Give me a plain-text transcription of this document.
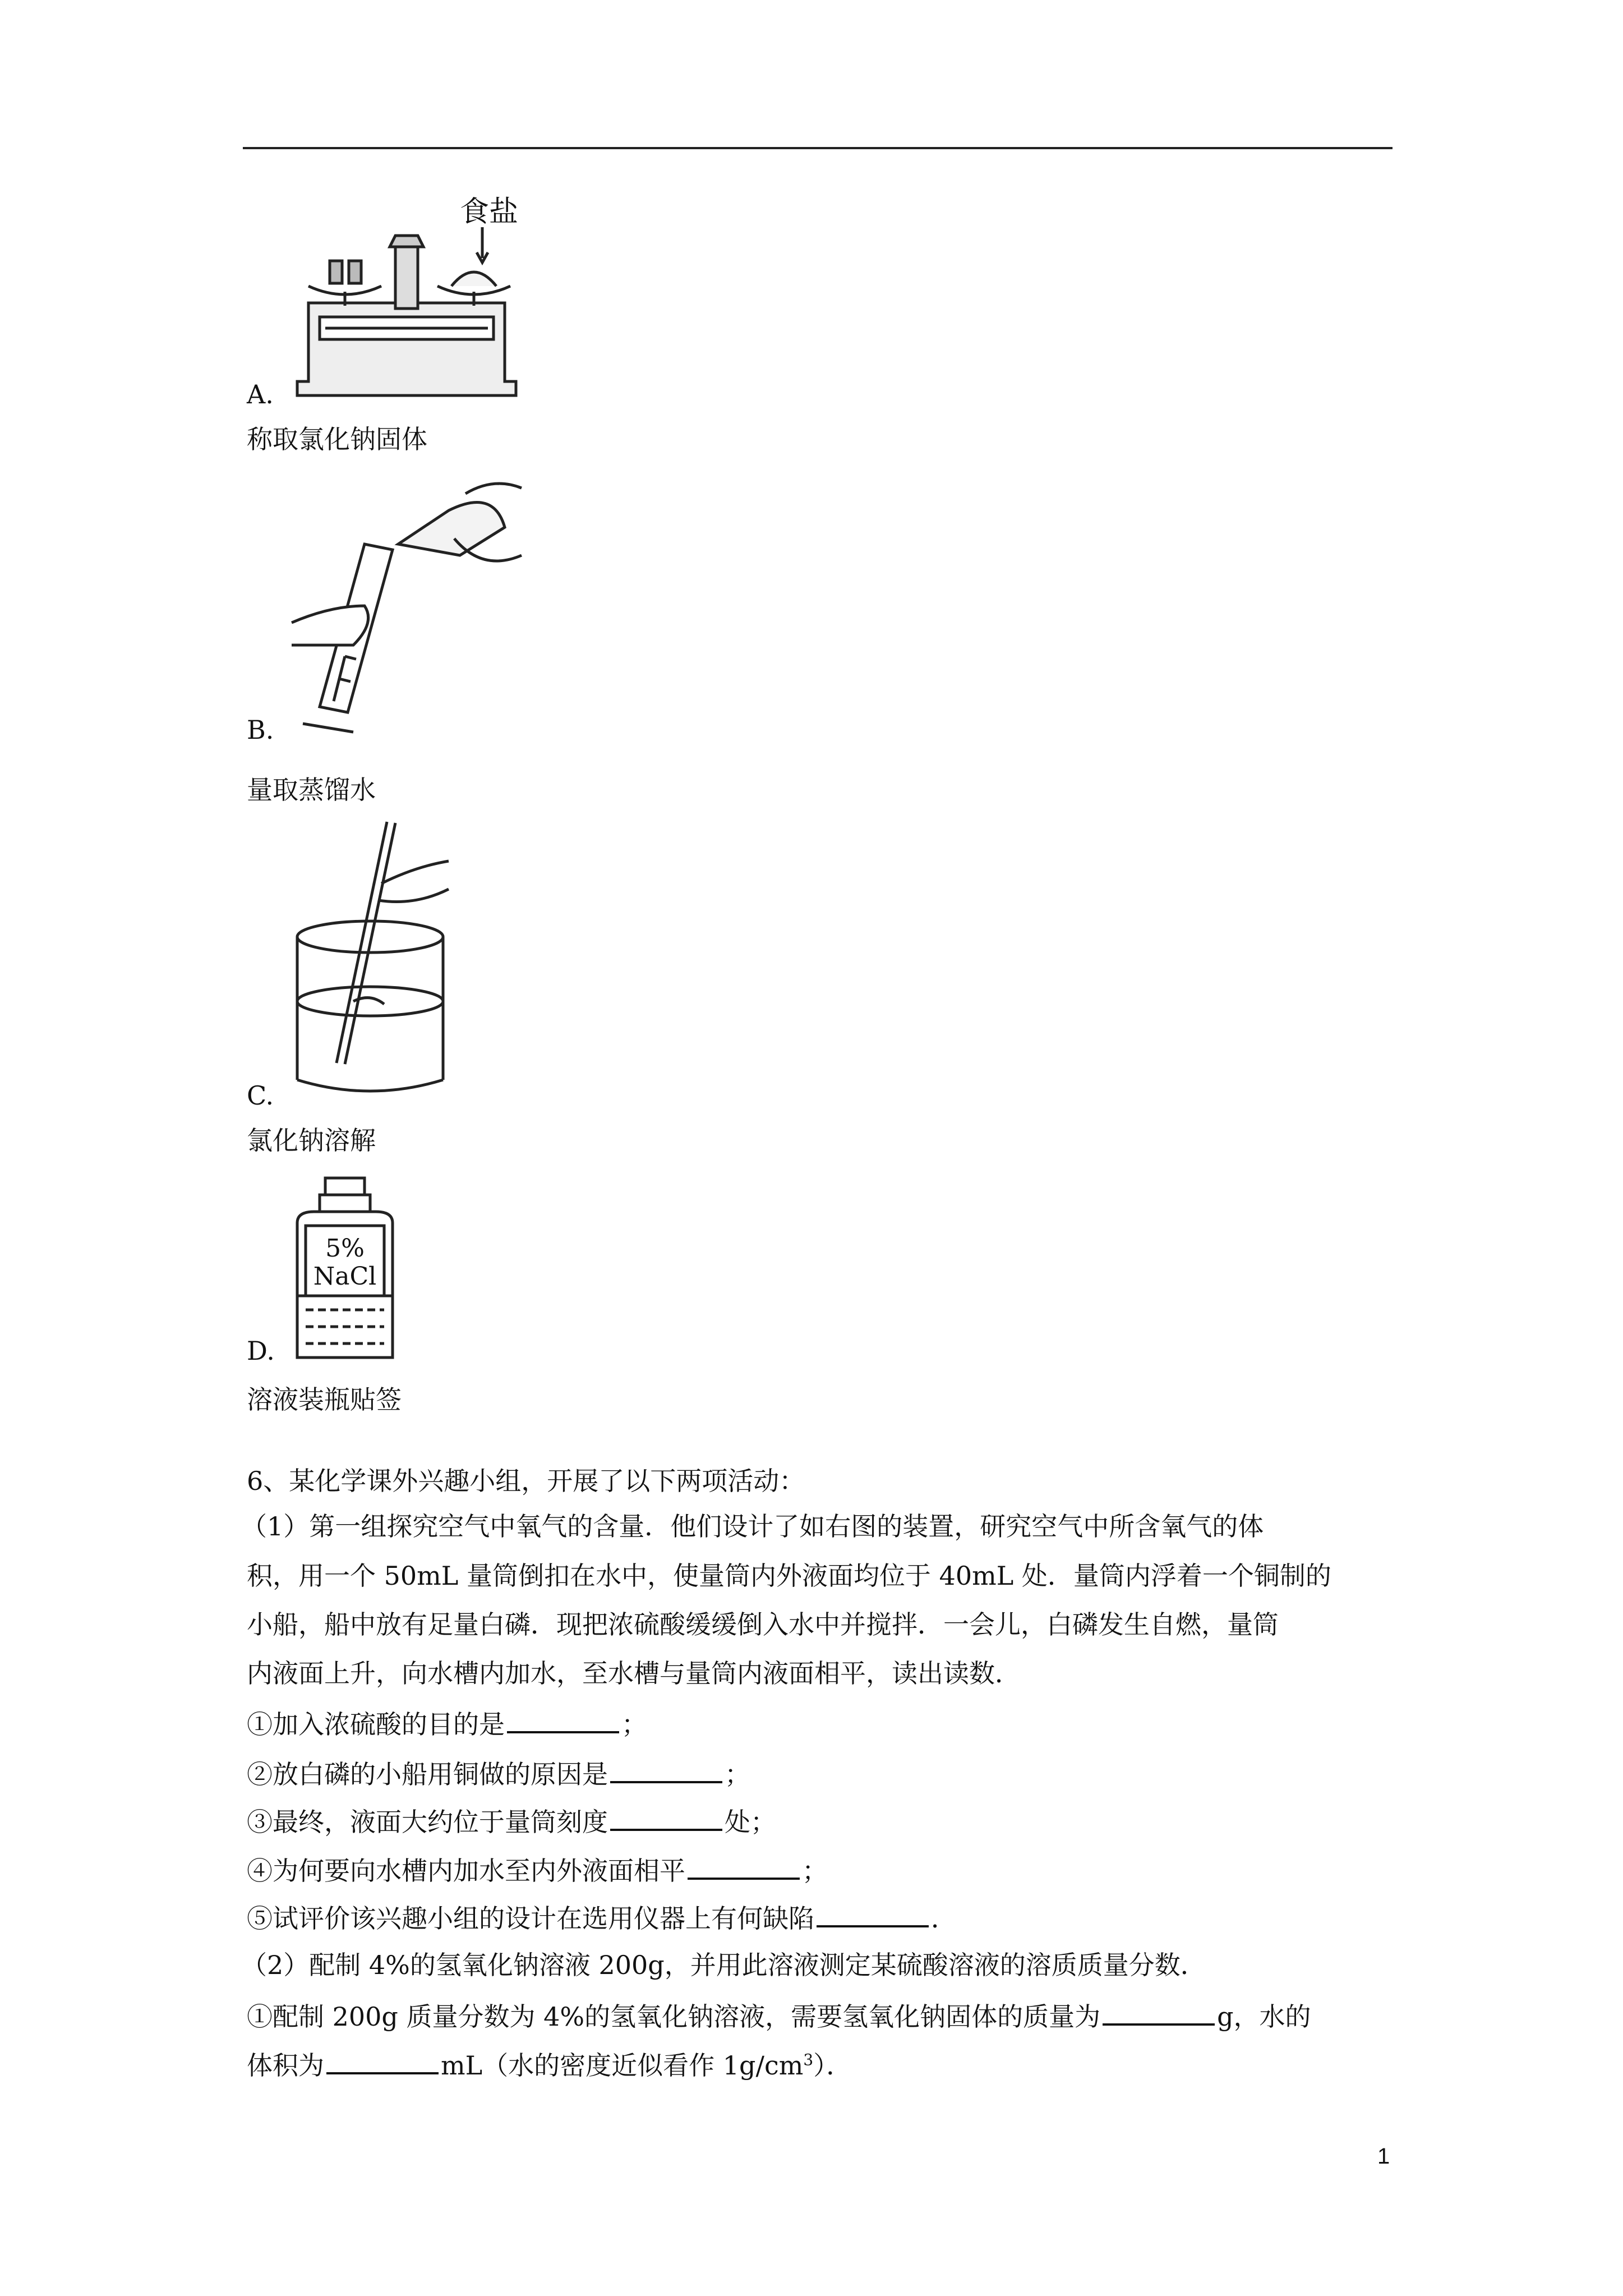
食盐
A.
称取氯化钠固体
B.
量取蒸馏水
C.
氯化钠溶解
5%
NaCl
D.
溶液装瓶贴签
6、某化学课外兴趣小组，开展了以下两项活动：
（1）第一组探究空气中氧气的含量．他们设计了如右图的装置，研究空气中所含氧气的体
积，用一个 50mL 量筒倒扣在水中，使量筒内外液面均位于 40mL 处．量筒内浮着一个铜制的
小船，船中放有足量白磷．现把浓硫酸缓缓倒入水中并搅拌．一会儿，白磷发生自燃，量筒
内液面上升，向水槽内加水，至水槽与量筒内液面相平，读出读数．
①加入浓硫酸的目的是	；
②放白磷的小船用铜做的原因是	；
③最终，液面大约位于量筒刻度	处；
④为何要向水槽内加水至内外液面相平	；
⑤试评价该兴趣小组的设计在选用仪器上有何缺陷	．
（2）配制 4%的氢氧化钠溶液 200g，并用此溶液测定某硫酸溶液的溶质质量分数．
①配制 200g 质量分数为 4%的氢氧化钠溶液，需要氢氧化钠固体的质量为	g，水的
体积为	mL（水的密度近似看作 $1g/cm^3$）．
1
